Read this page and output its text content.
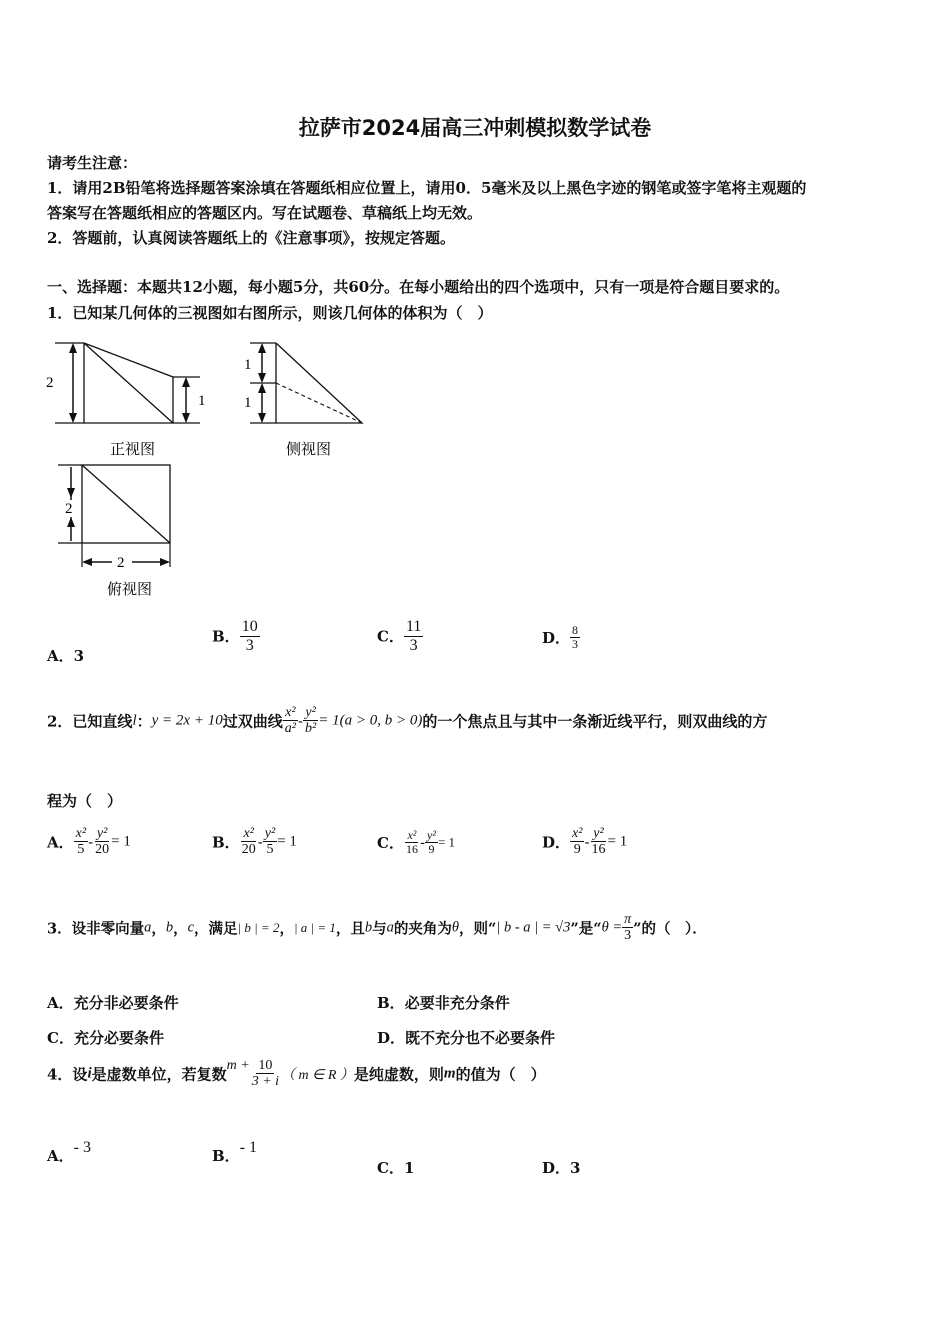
拉萨市2024届高三冲刺模拟数学试卷
请考生注意：
1．请用2B铅笔将选择题答案涂填在答题纸相应位置上，请用0．5毫米及以上黑色字迹的钢笔或签字笔将主观题的
答案写在答题纸相应的答题区内。写在试题卷、草稿纸上均无效。
2．答题前，认真阅读答题纸上的《注意事项》，按规定答题。
一、选择题：本题共12小题，每小题5分，共60分。在每小题给出的四个选项中，只有一项是符合题目要求的。
1．已知某几何体的三视图如右图所示，则该几何体的体积为（　）
2
1
正视图
1
1
侧视图
2
2
俯视图
A．3
B． $\frac{10}{3}$	C． $\frac{11}{3}$	D． $\frac{8}{3}$
2．已知直线l：y = 2x + 10过双曲线 $\frac{\text{x²}}{\text{a²}} - \frac{\text{y²}}{\text{b²}} = 1(a > 0$, b > 0)的一个焦点且与其中一条渐近线平行，则双曲线的方
程为（　）
A． $\frac{\text{x²}}{5} - \frac{\text{y²}}{20} = 1$	B． $\frac{\text{x²}}{20} - \frac{\text{y²}}{5} = 1$	C． $\frac{\text{x²}}{16} - \frac{\text{y²}}{9} = 1$	D． $\frac{\text{x²}}{9} - \frac{\text{y²}}{16} = 1$
3．设非零向量a，b，c，满足| b | = 2，| a | = 1，且b与a的夹角为θ，则“| b - a | = √3”是“$\theta = \frac{\pi}{3}$ ”的（　）．
A．充分非必要条件	B．必要非充分条件
C．充分必要条件	D．既不充分也不必要条件
4．设i是虚数单位，若复数$m + \frac{10}{3 + i}$ （ m ∈ R ）是纯虚数，则m的值为（　）
A．- 3	B．- 1
C．1	D．3
